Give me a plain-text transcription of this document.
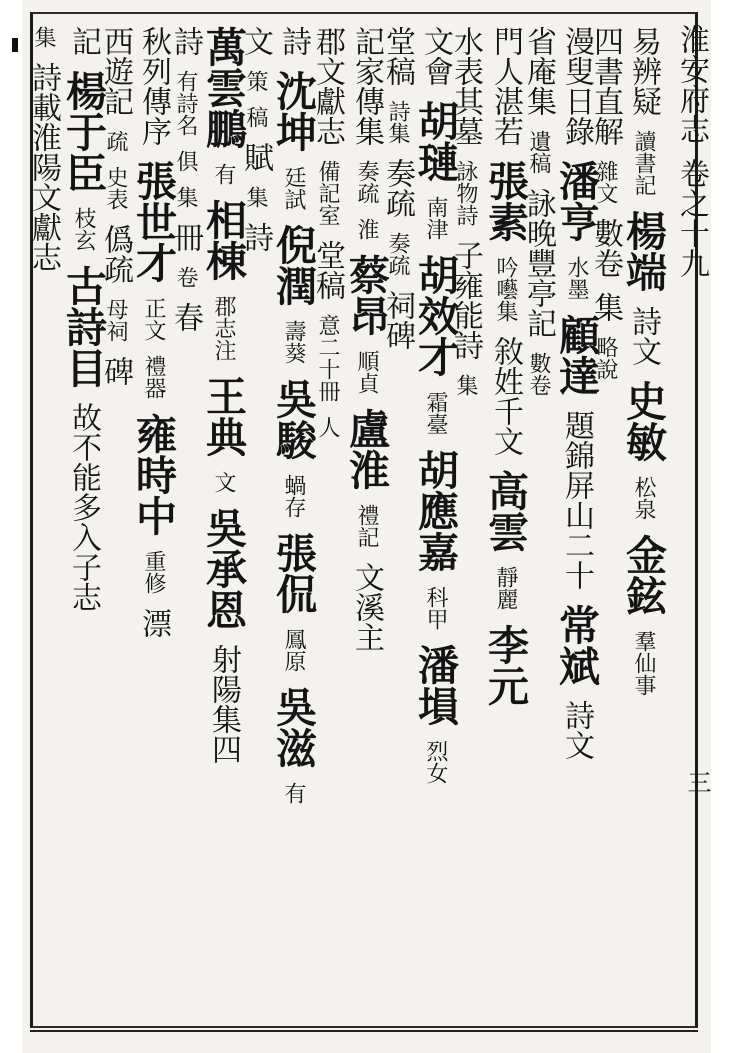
淮安府志卷之十九
三
易辨疑讀書記楊端詩文史敏松泉金鉉羣仙事
四書直解雜文數卷集略說
漫叟日錄潘亨水墨顧達題錦屏山二十常斌詩文
省庵集遺稿詠晚豐亭記數卷
門人湛若張素吟囈集敘姓千文高雲靜麗李元
水表其墓詠物詩子雍能詩集
文會胡璉南津胡效才霜臺胡應嘉科甲潘塤烈女
堂稿詩集奏疏奏疏祠碑
記家傳集奏疏淮蔡昂順貞盧淮禮記文溪主
郡文獻志備記室堂稿意二十冊人
詩沈坤廷試倪潤壽葵吳駿蝸存張侃鳳原吳滋有
文策稿賦集詩
萬雲鵬有相棟郡志注王典文吳承恩射陽集四
詩有詩名俱集冊卷春
秋列傳序張世才正文禮器雍時中重修漂
西遊記疏史表僞疏母祠碑
記楊于臣枝玄古詩目故不能多入子志
集詩載淮陽文獻志
